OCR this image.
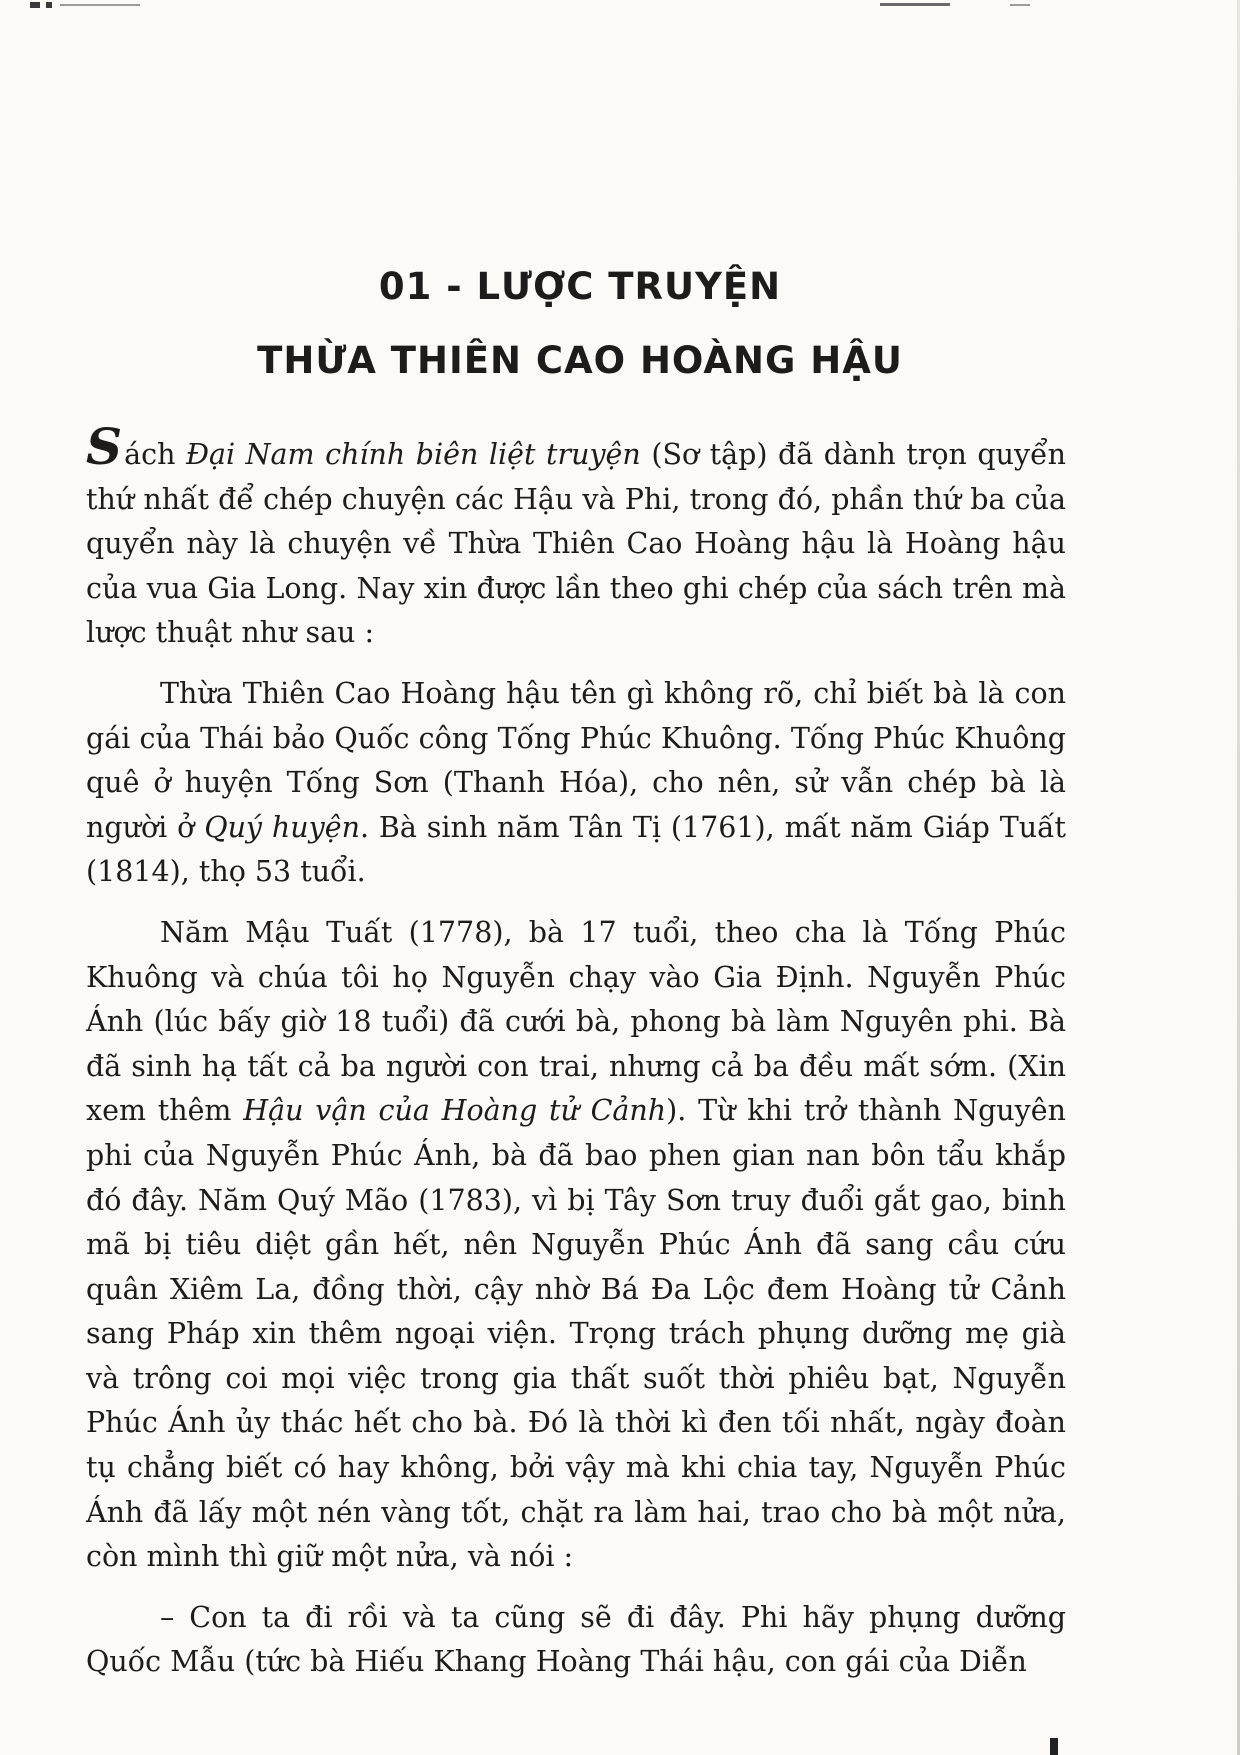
01 - LƯỢC TRUYỆN
THỪA THIÊN CAO HOÀNG HẬU

Sách Đại Nam chính biên liệt truyện (Sơ tập) đã dành trọn quyển thứ nhất để chép chuyện các Hậu và Phi, trong đó, phần thứ ba của quyển này là chuyện về Thừa Thiên Cao Hoàng hậu là Hoàng hậu của vua Gia Long. Nay xin được lần theo ghi chép của sách trên mà lược thuật như sau :

Thừa Thiên Cao Hoàng hậu tên gì không rõ, chỉ biết bà là con gái của Thái bảo Quốc công Tống Phúc Khuông. Tống Phúc Khuông quê ở huyện Tống Sơn (Thanh Hóa), cho nên, sử vẫn chép bà là người ở Quý huyện. Bà sinh năm Tân Tị (1761), mất năm Giáp Tuất (1814), thọ 53 tuổi.

Năm Mậu Tuất (1778), bà 17 tuổi, theo cha là Tống Phúc Khuông và chúa tôi họ Nguyễn chạy vào Gia Định. Nguyễn Phúc Ánh (lúc bấy giờ 18 tuổi) đã cưới bà, phong bà làm Nguyên phi. Bà đã sinh hạ tất cả ba người con trai, nhưng cả ba đều mất sớm. (Xin xem thêm Hậu vận của Hoàng tử Cảnh). Từ khi trở thành Nguyên phi của Nguyễn Phúc Ánh, bà đã bao phen gian nan bôn tẩu khắp đó đây. Năm Quý Mão (1783), vì bị Tây Sơn truy đuổi gắt gao, binh mã bị tiêu diệt gần hết, nên Nguyễn Phúc Ánh đã sang cầu cứu quân Xiêm La, đồng thời, cậy nhờ Bá Đa Lộc đem Hoàng tử Cảnh sang Pháp xin thêm ngoại viện. Trọng trách phụng dưỡng mẹ già và trông coi mọi việc trong gia thất suốt thời phiêu bạt, Nguyễn Phúc Ánh ủy thác hết cho bà. Đó là thời kì đen tối nhất, ngày đoàn tụ chẳng biết có hay không, bởi vậy mà khi chia tay, Nguyễn Phúc Ánh đã lấy một nén vàng tốt, chặt ra làm hai, trao cho bà một nửa, còn mình thì giữ một nửa, và nói :

– Con ta đi rồi và ta cũng sẽ đi đây. Phi hãy phụng dưỡng Quốc Mẫu (tức bà Hiếu Khang Hoàng Thái hậu, con gái của Diễn
